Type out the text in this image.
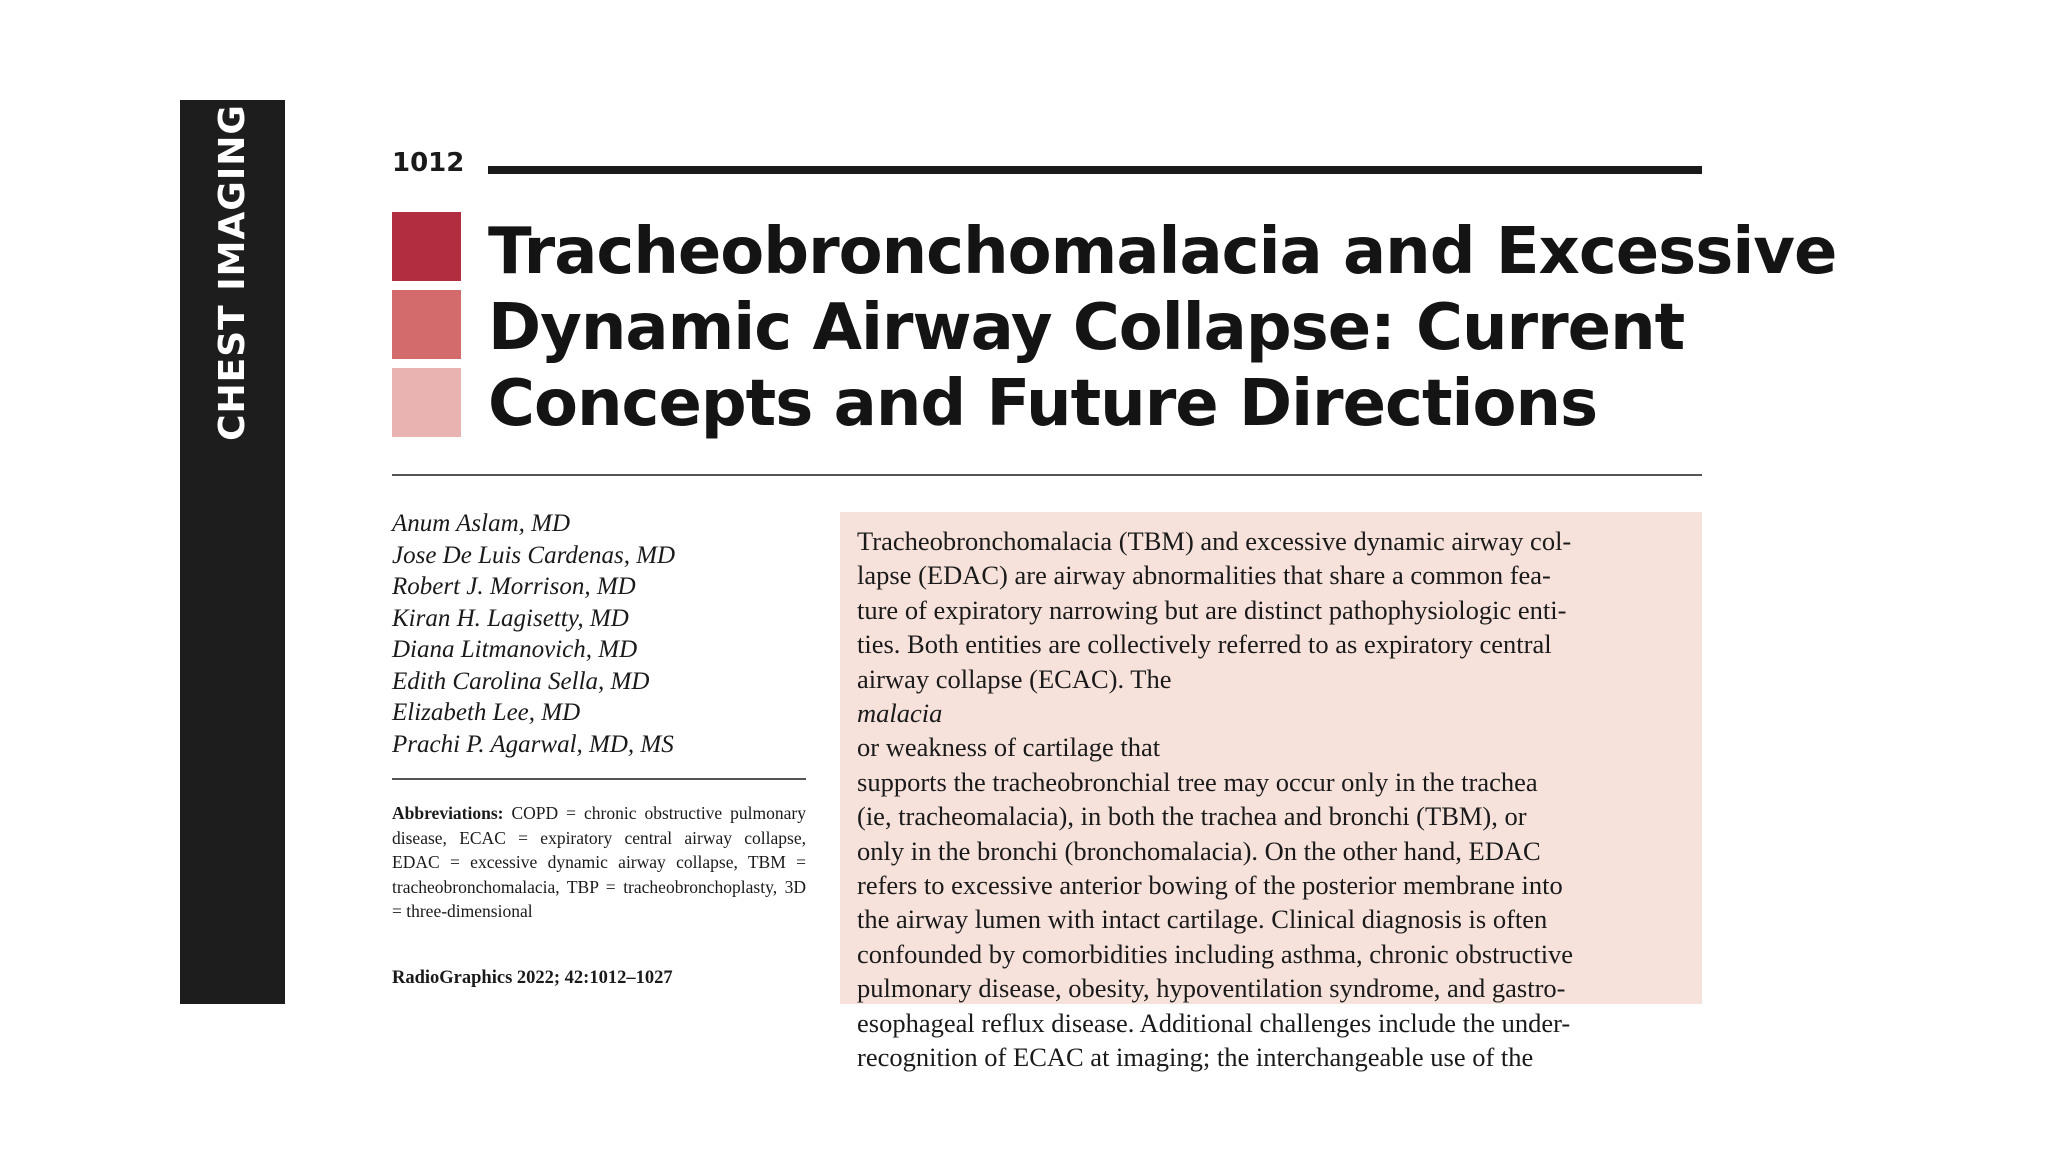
CHEST IMAGING	1012
Tracheobronchomalacia and Excessive
Dynamic Airway Collapse: Current
Concepts and Future Directions
Anum Aslam, MD
Jose De Luis Cardenas, MD
Robert J. Morrison, MD
Kiran H. Lagisetty, MD
Diana Litmanovich, MD
Edith Carolina Sella, MD
Elizabeth Lee, MD
Prachi P. Agarwal, MD, MS

Abbreviations: COPD = chronic obstructive pulmonary disease, ECAC = expiratory central airway collapse, EDAC = excessive dynamic airway collapse, TBM = tracheobronchomalacia, TBP = tracheobronchoplasty, 3D = three-dimensional

RadioGraphics 2022; 42:1012–1027

Tracheobronchomalacia (TBM) and excessive dynamic airway col-
lapse (EDAC) are airway abnormalities that share a common fea-
ture of expiratory narrowing but are distinct pathophysiologic enti-
ties. Both entities are collectively referred to as expiratory central
airway collapse (ECAC). The
malacia
or weakness of cartilage that
supports the tracheobronchial tree may occur only in the trachea
(ie, tracheomalacia), in both the trachea and bronchi (TBM), or
only in the bronchi (bronchomalacia). On the other hand, EDAC
refers to excessive anterior bowing of the posterior membrane into
the airway lumen with intact cartilage. Clinical diagnosis is often
confounded by comorbidities including asthma, chronic obstructive
pulmonary disease, obesity, hypoventilation syndrome, and gastro-
esophageal reflux disease. Additional challenges include the under-
recognition of ECAC at imaging; the interchangeable use of the
